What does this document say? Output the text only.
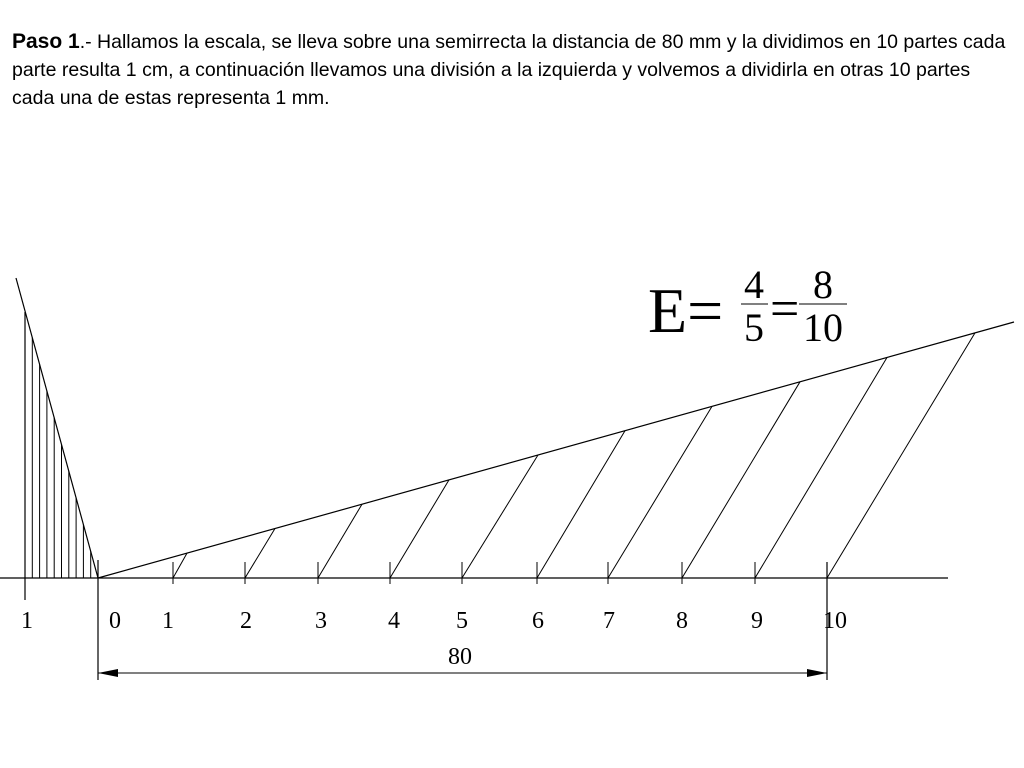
Paso 1.- Hallamos la escala, se lleva sobre una semirrecta la distancia de 80 mm y la dividimos en 10 partes cada parte resulta 1 cm, a continuación llevamos una división a la izquierda y volvemos a dividirla en otras 10 partes cada una de estas representa 1 mm.

1	0 1	2	3	4 5	6 7	8	9	10
80
E= 4
5 = 8
10
